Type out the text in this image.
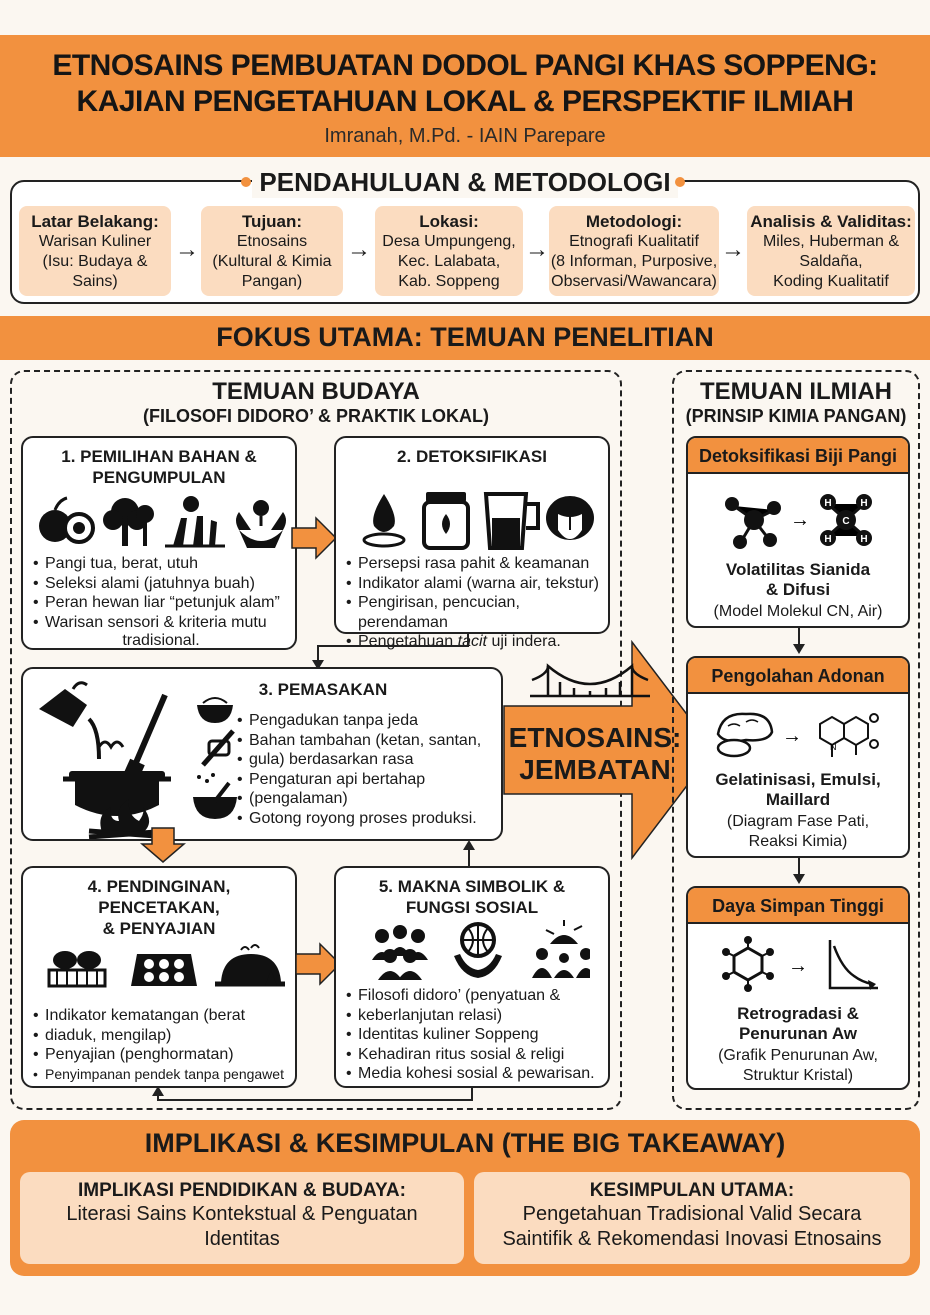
ETNOSAINS PEMBUATAN DODOL PANGI KHAS SOPPENG:
KAJIAN PENGETAHUAN LOKAL & PERSPEKTIF ILMIAH
Imranah, M.Pd. - IAIN Parepare
PENDAHULUAN & METODOLOGI
Latar Belakang:
Warisan Kuliner
(Isu: Budaya & Sains)
→
Tujuan:
Etnosains
(Kultural & Kimia
Pangan)
→
Lokasi:
Desa Umpungeng,
Kec. Lalabata,
Kab. Soppeng
→
Metodologi:
Etnografi Kualitatif
(8 Informan, Purposive,
Observasi/Wawancara)
→
Analisis & Validitas:
Miles, Huberman &
Saldaña,
Koding Kualitatif
FOKUS UTAMA: TEMUAN PENELITIAN
TEMUAN BUDAYA
(FILOSOFI DIDORO’ & PRAKTIK LOKAL)
1. PEMILIHAN BAHAN &
PENGUMPULAN
• Pangi tua, berat, utuh
• Seleksi alami (jatuhnya buah)
• Peran hewan liar “petunjuk alam”
• Warisan sensori & kriteria mutu
tradisional.
2. DETOKSIFIKASI
• Persepsi rasa pahit & keamanan
• Indikator alami (warna air, tekstur)
• Pengirisan, pencucian, perendaman
• Pengetahuan tacit uji indera.
3. PEMASAKAN
• Pengadukan tanpa jeda
• Bahan tambahan (ketan, santan,
• gula) berdasarkan rasa
• Pengaturan api bertahap
• (pengalaman)
• Gotong royong proses produksi.
ETNOSAINS:
JEMBATAN
4. PENDINGINAN,
PENCETAKAN,
& PENYAJIAN
• Indikator kematangan (berat
• diaduk, mengilap)
• Penyajian (penghormatan)
• Penyimpanan pendek tanpa pengawet
5. MAKNA SIMBOLIK &
FUNGSI SOSIAL
• Filosofi didoro’ (penyatuan &
• keberlanjutan relasi)
• Identitas kuliner Soppeng
• Kehadiran ritus sosial & religi
• Media kohesi sosial & pewarisan.
TEMUAN ILMIAH
(PRINSIP KIMIA PANGAN)
Detoksifikasi Biji Pangi
→	C
H	H
H	H
Volatilitas Sianida
& Difusi
(Model Molekul CN, Air)
Pengolahan Adonan
→	N
Gelatinisasi, Emulsi,
Maillard
(Diagram Fase Pati,
Reaksi Kimia)
Daya Simpan Tinggi
→
Retrogradasi &
Penurunan Aw
(Grafik Penurunan Aw,
Struktur Kristal)
IMPLIKASI & KESIMPULAN (THE BIG TAKEAWAY)
IMPLIKASI PENDIDIKAN & BUDAYA:
Literasi Sains Kontekstual & Penguatan
Identitas
KESIMPULAN UTAMA:
Pengetahuan Tradisional Valid Secara
Saintifik & Rekomendasi Inovasi Etnosains
